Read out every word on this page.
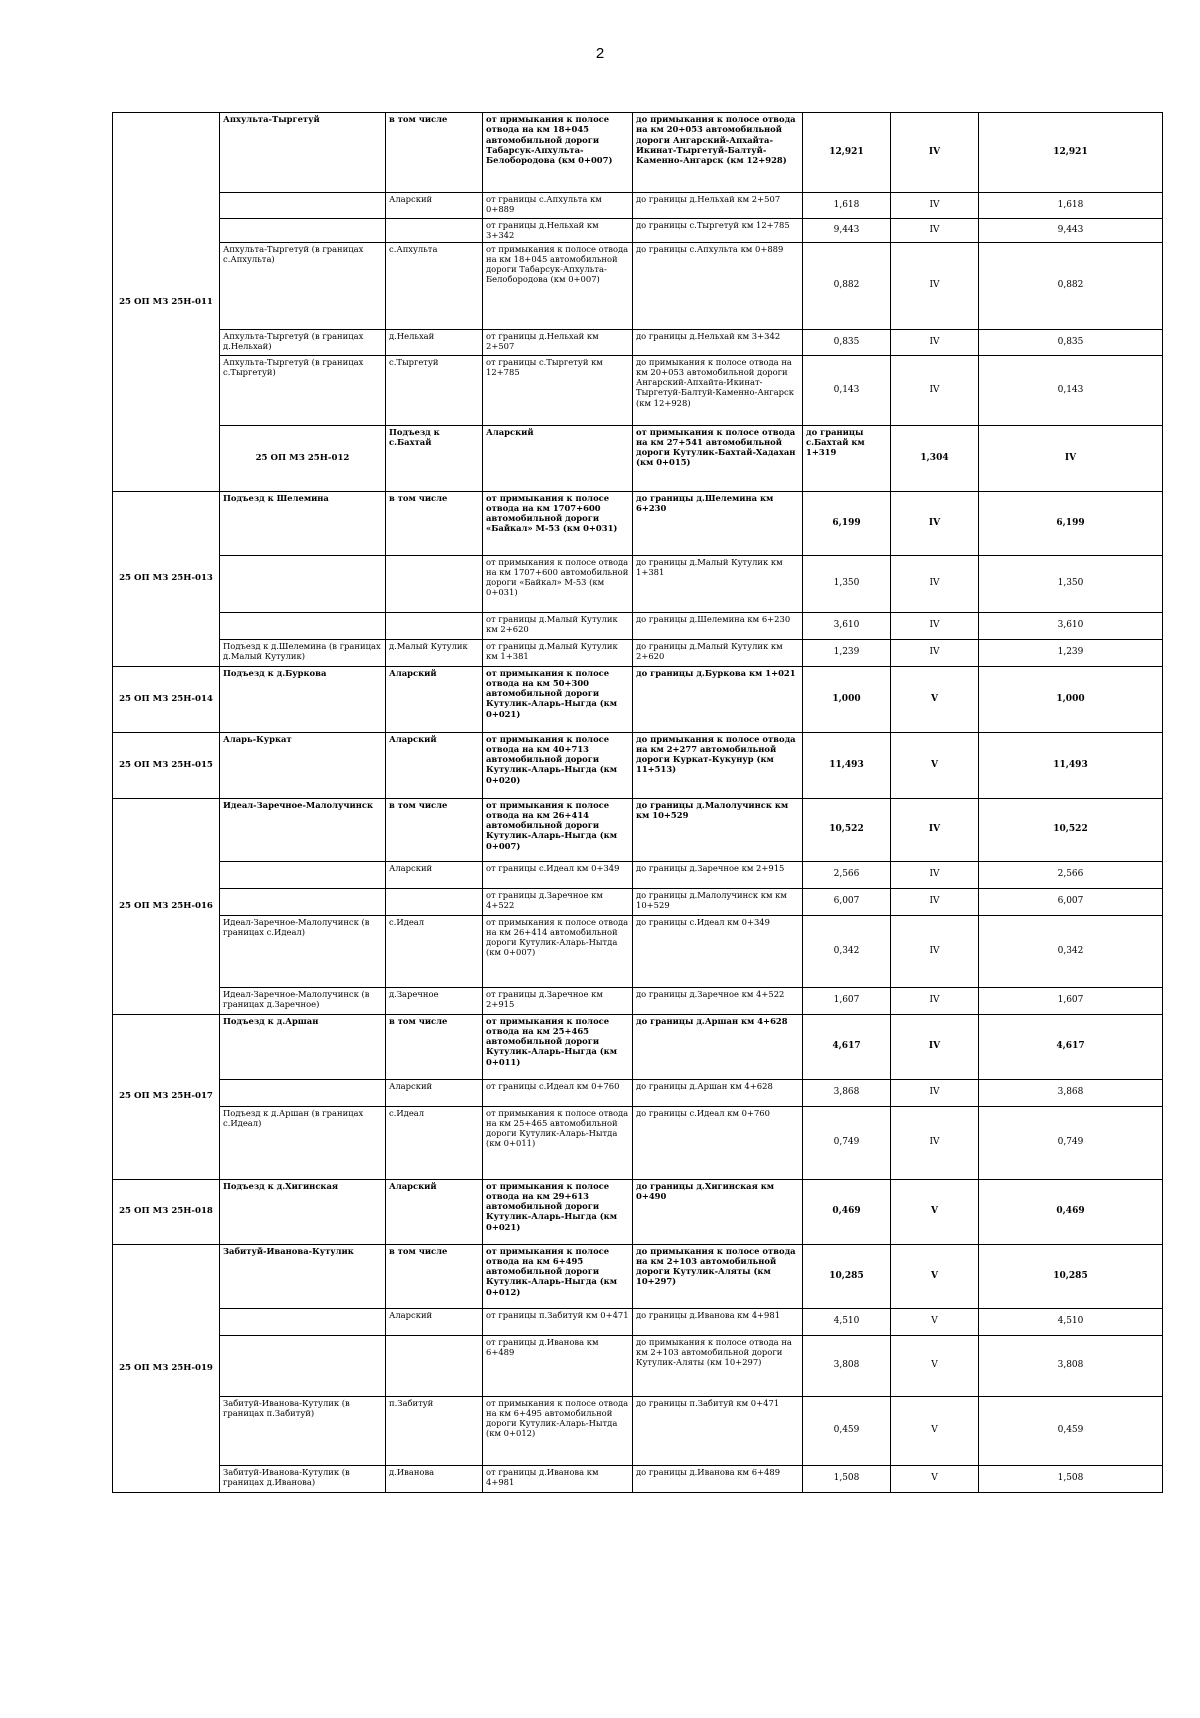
2
25 ОП МЗ 25Н-011	Апхульта-Тыргетуй	в том числе	от примыкания к полосе отвода на км 18+045 автомобильной дороги Табарсук-Апхульта-Белобородова (км 0+007)	до примыкания к полосе отвода на км 20+053 автомобильной дороги Ангарский-Апхайта-Икинат-Тыргетуй-Балтуй-Каменно-Ангарск (км 12+928)	12,921	IV	12,921	
		Аларский	от границы с.Апхульта км 0+889	до границы д.Нельхай км 2+507	1,618	IV	1,618	
			от границы д.Нельхай км 3+342	до границы с.Тыргетуй км 12+785	9,443	IV	9,443	
	Апхульта-Тыргетуй (в границах с.Апхульта)	с.Апхульта	от примыкания к полосе отвода на км 18+045 автомобильной дороги Табарсук-Апхульта-Белобородова (км 0+007)	до границы с.Апхульта км 0+889	0,882	IV	0,882	
	Апхульта-Тыргетуй (в границах д.Нельхай)	д.Нельхай	от границы д.Нельхай км 2+507	до границы д.Нельхай км 3+342	0,835	IV	0,835	
	Апхульта-Тыргетуй (в границах с.Тыргетуй)	с.Тыргетуй	от границы с.Тыргетуй км 12+785	до примыкания к полосе отвода на км 20+053 автомобильной дороги Ангарский-Апхайта-Икинат-Тыргетуй-Балтуй-Каменно-Ангарск (км 12+928)	0,143	IV	0,143	
	25 ОП МЗ 25Н-012	Подъезд к с.Бахтай	Аларский	от примыкания к полосе отвода на км 27+541 автомобильной дороги Кутулик-Бахтай-Хадахан (км 0+015)	до границы с.Бахтай км 1+319	1,304	IV	
25 ОП МЗ 25Н-013	Подъезд к Шелемина	в том числе	от примыкания к полосе отвода на км 1707+600 автомобильной дороги «Байкал» М-53 (км 0+031)	до границы д.Шелемина км 6+230	6,199	IV	6,199	
			от примыкания к полосе отвода на км 1707+600 автомобильной дороги «Байкал» М-53 (км 0+031)	до границы д.Малый Кутулик км 1+381	1,350	IV	1,350	
			от границы д.Малый Кутулик км 2+620	до границы д.Шелемина км 6+230	3,610	IV	3,610	
	Подъезд к д.Шелемина (в границах д.Малый Кутулик)	д.Малый Кутулик	от границы д.Малый Кутулик км 1+381	до границы д.Малый Кутулик км 2+620	1,239	IV	1,239	
25 ОП МЗ 25Н-014	Подъезд к д.Буркова	Аларский	от примыкания к полосе отвода на км 50+300 автомобильной дороги Кутулик-Аларь-Ныгда (км 0+021)	до границы д.Буркова км 1+021	1,000	V	1,000	
25 ОП МЗ 25Н-015	Аларь-Куркат	Аларский	от примыкания к полосе отвода на км 40+713 автомобильной дороги Кутулик-Аларь-Ныгда (км 0+020)	до примыкания к полосе отвода на км 2+277 автомобильной дороги Куркат-Кукунур (км 11+513)	11,493	V	11,493	
25 ОП МЗ 25Н-016	Идеал-Заречное-Малолучинск	в том числе	от примыкания к полосе отвода на км 26+414 автомобильной дороги Кутулик-Аларь-Ныгда (км 0+007)	до границы д.Малолучинск км км 10+529	10,522	IV	10,522	
		Аларский	от границы с.Идеал км 0+349	до границы д.Заречное км 2+915	2,566	IV	2,566	
			от границы д.Заречное км 4+522	до границы д.Малолучинск км км 10+529	6,007	IV	6,007	
	Идеал-Заречное-Малолучинск (в границах с.Идеал)	с.Идеал	от примыкания к полосе отвода на км 26+414 автомобильной дороги Кутулик-Аларь-Нытда (км 0+007)	до границы с.Идеал км 0+349	0,342	IV	0,342	
	Идеал-Заречное-Малолучинск (в границах д.Заречное)	д.Заречное	от границы д.Заречное км 2+915	до границы д.Заречное км 4+522	1,607	IV	1,607	
25 ОП МЗ 25Н-017	Подъезд к д.Аршан	в том числе	от примыкания к полосе отвода на км 25+465 автомобильной дороги Кутулик-Аларь-Ныгда (км 0+011)	до границы д.Аршан км 4+628	4,617	IV	4,617	
		Аларский	от границы с.Идеал км 0+760	до границы д.Аршан км 4+628	3,868	IV	3,868	
	Подъезд к д.Аршан (в границах с.Идеал)	с.Идеал	от примыкания к полосе отвода на км 25+465 автомобильной дороги Кутулик-Аларь-Нытда (км 0+011)	до границы с.Идеал км 0+760	0,749	IV	0,749	
25 ОП МЗ 25Н-018	Подъезд к д.Хигинская	Аларский	от примыкания к полосе отвода на км 29+613 автомобильной дороги Кутулик-Аларь-Ныгда (км 0+021)	до границы д.Хигинская км 0+490	0,469	V	0,469	
25 ОП МЗ 25Н-019	Забитуй-Иванова-Кутулик	в том числе	от примыкания к полосе отвода на км 6+495 автомобильной дороги Кутулик-Аларь-Ныгда (км 0+012)	до примыкания к полосе отвода на км 2+103 автомобильной дороги Кутулик-Аляты (км 10+297)	10,285	V	10,285	
		Аларский	от границы п.Забитуй км 0+471	до границы д.Иванова км 4+981	4,510	V	4,510	
			от границы д.Иванова км 6+489	до примыкания к полосе отвода на км 2+103 автомобильной дороги Кутулик-Аляты (км 10+297)	3,808	V	3,808	
	Забитуй-Иванова-Кутулик (в границах п.Забитуй)	п.Забитуй	от примыкания к полосе отвода на км 6+495 автомобильной дороги Кутулик-Аларь-Нытда (км 0+012)	до границы п.Забитуй км 0+471	0,459	V	0,459	
	Забитуй-Иванова-Кутулик (в границах д.Иванова)	д.Иванова	от границы д.Иванова км 4+981	до границы д.Иванова км 6+489	1,508	V	1,508	
